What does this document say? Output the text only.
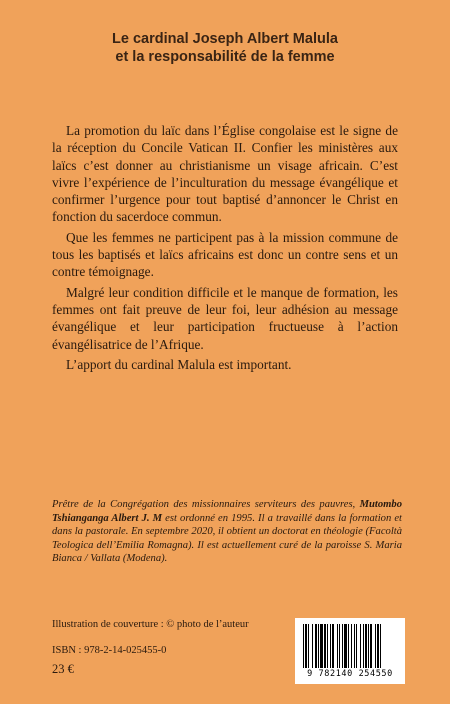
Le cardinal Joseph Albert Malula
et la responsabilité de la femme

La promotion du laïc dans l’Église congolaise est le signe de la réception du Concile Vatican II. Confier les ministères aux laïcs c’est donner au christianisme un visage africain. C’est vivre l’expérience de l’inculturation du message évangélique et confirmer l’urgence pour tout baptisé d’annoncer le Christ en fonction du sacerdoce commun.

Que les femmes ne participent pas à la mission commune de tous les baptisés et laïcs africains est donc un contre sens et un contre témoignage.

Malgré leur condition difficile et le manque de formation, les femmes ont fait preuve de leur foi, leur adhésion au message évangélique et leur participation fructueuse à l’action évangélisatrice de l’Afrique.

L’apport du cardinal Malula est important.

Prêtre de la Congrégation des missionnaires serviteurs des pauvres, Mutombo Tshianganga Albert J. M est ordonné en 1995. Il a travaillé dans la formation et dans la pastorale. En septembre 2020, il obtient un doctorat en théologie (Facoltà Teologica dell’Emilia Romagna). Il est actuellement curé de la paroisse S. Maria Bianca / Vallata (Modena).
Illustration de couverture : © photo de l’auteur
ISBN : 978-2-14-025455-0
23 €	9 782140 254550
